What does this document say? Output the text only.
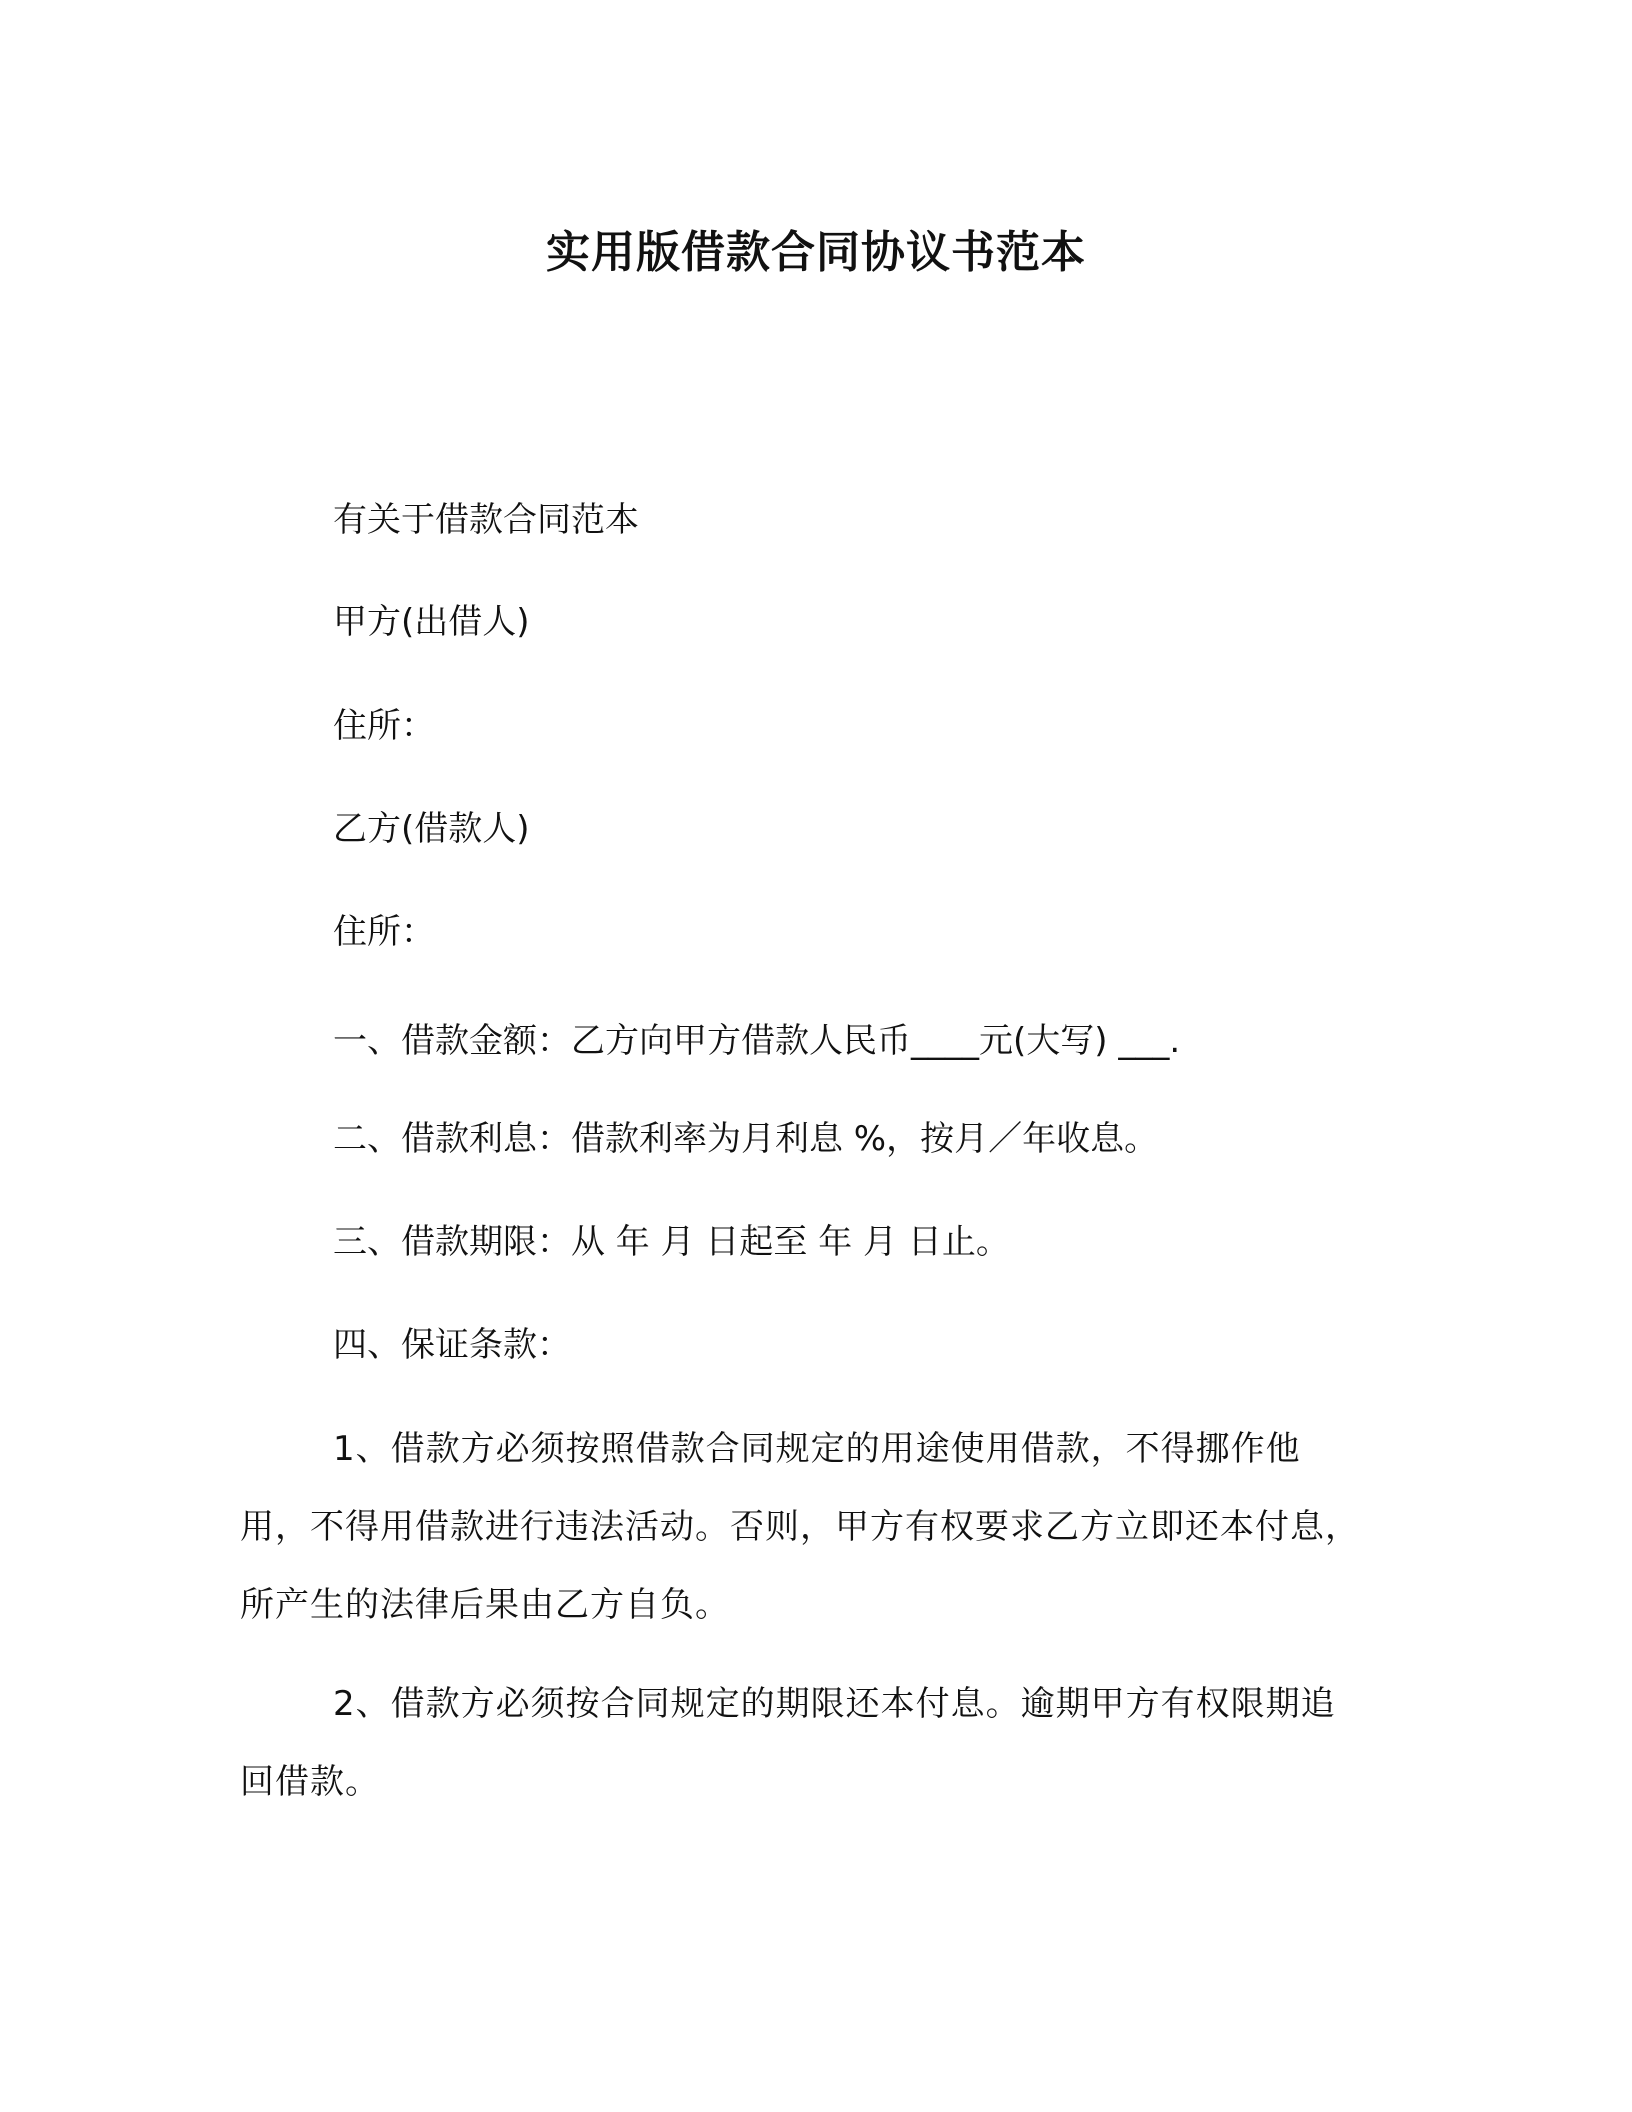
实用版借款合同协议书范本
有关于借款合同范本
甲方(出借人)
住所：
乙方(借款人)
住所：
一、借款金额：乙方向甲方借款人民币____元(大写) ___.
二、借款利息：借款利率为月利息 %，按月／年收息。
三、借款期限：从 年 月 日起至 年 月 日止。
四、保证条款：
1、借款方必须按照借款合同规定的用途使用借款，不得挪作他用，不得用借款进行违法活动。否则，甲方有权要求乙方立即还本付息，所产生的法律后果由乙方自负。
2、借款方必须按合同规定的期限还本付息。逾期甲方有权限期追回借款。
